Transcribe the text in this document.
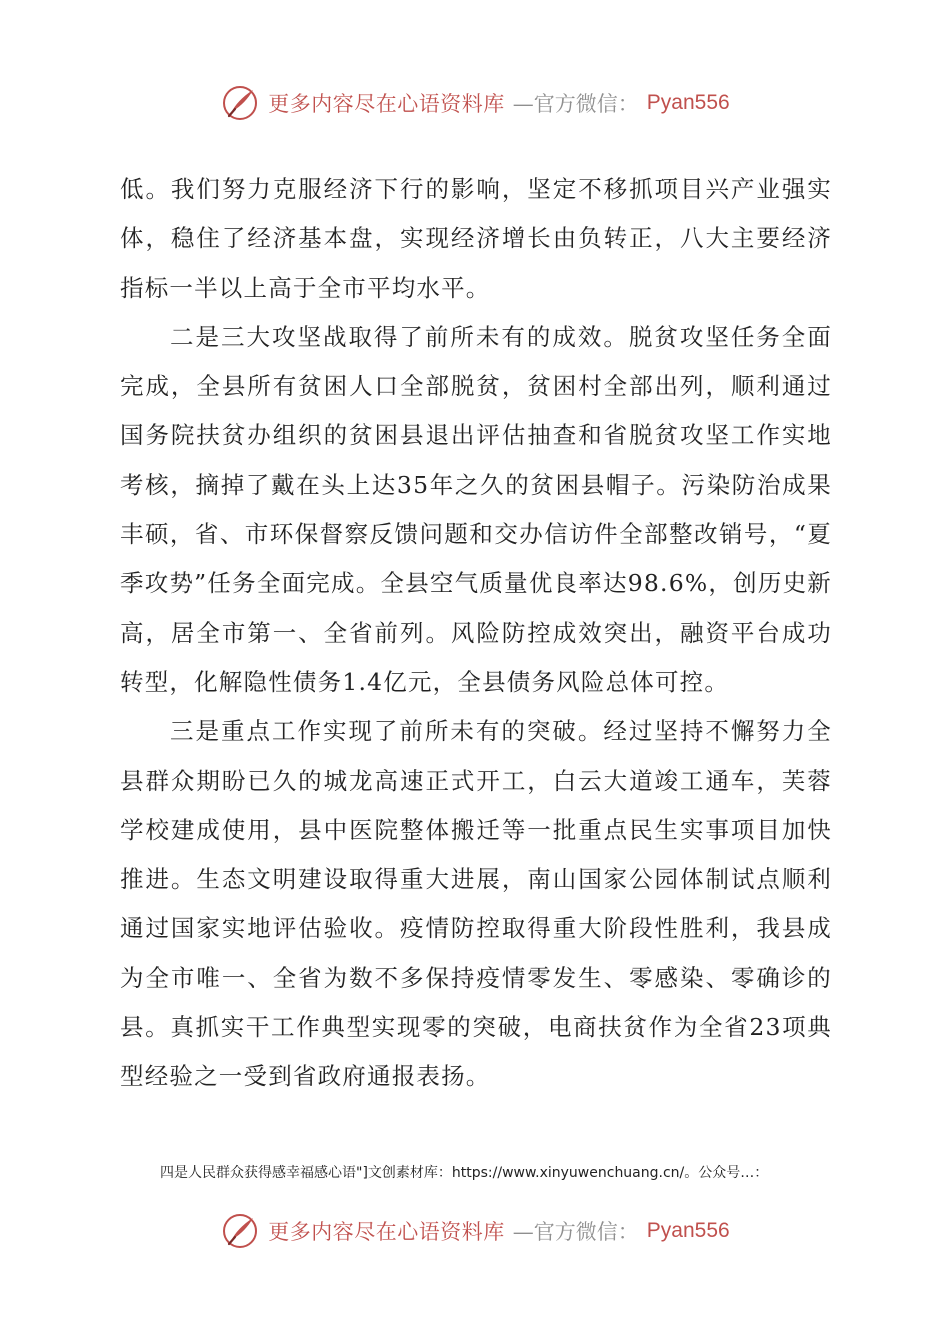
更多内容尽在心语资料库 —官方微信： Pyan556

低。我们努力克服经济下行的影响，坚定不移抓项目兴产业强实体，稳住了经济基本盘，实现经济增长由负转正，八大主要经济指标一半以上高于全市平均水平。

二是三大攻坚战取得了前所未有的成效。脱贫攻坚任务全面完成，全县所有贫困人口全部脱贫，贫困村全部出列，顺利通过国务院扶贫办组织的贫困县退出评估抽查和省脱贫攻坚工作实地考核，摘掉了戴在头上达35年之久的贫困县帽子。污染防治成果丰硕，省、市环保督察反馈问题和交办信访件全部整改销号，“夏季攻势”任务全面完成。全县空气质量优良率达98.6%，创历史新高，居全市第一、全省前列。风险防控成效突出，融资平台成功转型，化解隐性债务1.4亿元，全县债务风险总体可控。

三是重点工作实现了前所未有的突破。经过坚持不懈努力全县群众期盼已久的城龙高速正式开工，白云大道竣工通车，芙蓉学校建成使用，县中医院整体搬迁等一批重点民生实事项目加快推进。生态文明建设取得重大进展，南山国家公园体制试点顺利通过国家实地评估验收。疫情防控取得重大阶段性胜利，我县成为全市唯一、全省为数不多保持疫情零发生、零感染、零确诊的县。真抓实干工作典型实现零的突破，电商扶贫作为全省23项典型经验之一受到省政府通报表扬。

四是人民群众获得感幸福感心语"]文创素材库：https://www.xinyuwenchuang.cn/。公众号…：
更多内容尽在心语资料库 —官方微信： Pyan556
